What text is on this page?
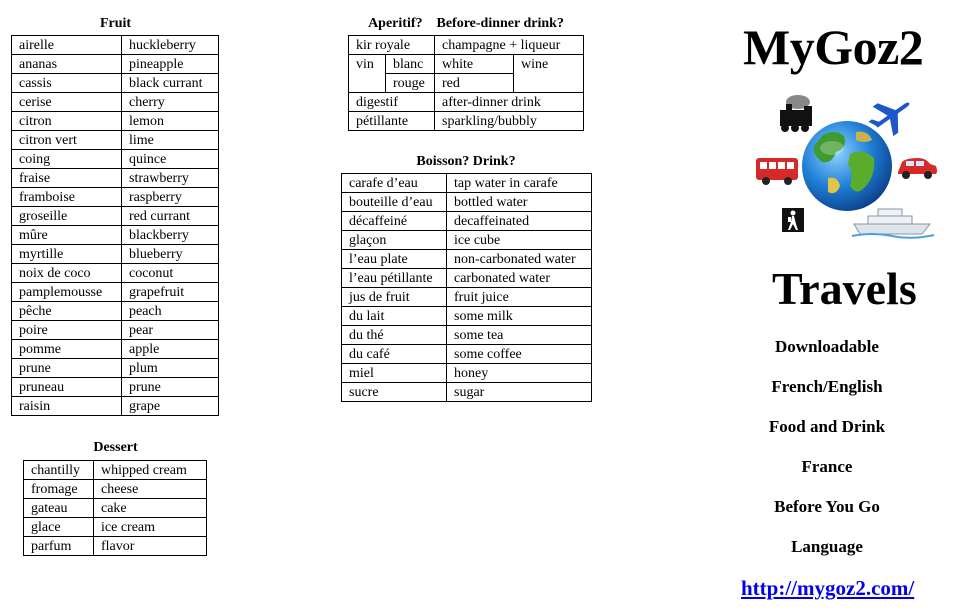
Fruit
airelle	huckleberry
ananas	pineapple
cassis	black currant
cerise	cherry
citron	lemon
citron vert	lime
coing	quince
fraise	strawberry
framboise	raspberry
groseille	red currant
mûre	blackberry
myrtille	blueberry
noix de coco	coconut
pamplemousse	grapefruit
pêche	peach
poire	pear
pomme	apple
prune	plum
pruneau	prune
raisin	grape
Dessert
chantilly	whipped cream
fromage	cheese
gateau	cake
glace	ice cream
parfum	flavor
Aperitif?    Before-dinner drink?
kir royale		champagne + liqueur	
vin	blanc	white	wine
	rouge	red	
digestif		after-dinner drink	
pétillante		sparkling/bubbly	
Boisson? Drink?
carafe d’eau	tap water in carafe
bouteille d’eau	bottled water
décaffeiné	decaffeinated
glaçon	ice cube
l’eau plate	non-carbonated water
l’eau pétillante	carbonated water
jus de fruit	fruit juice
du lait	some milk
du thé	some tea
du café	some coffee
miel	honey
sucre	sugar
MyGoz2
Travels
Downloadable
French/English
Food and Drink
France
Before You Go
Language
http://mygoz2.com/
